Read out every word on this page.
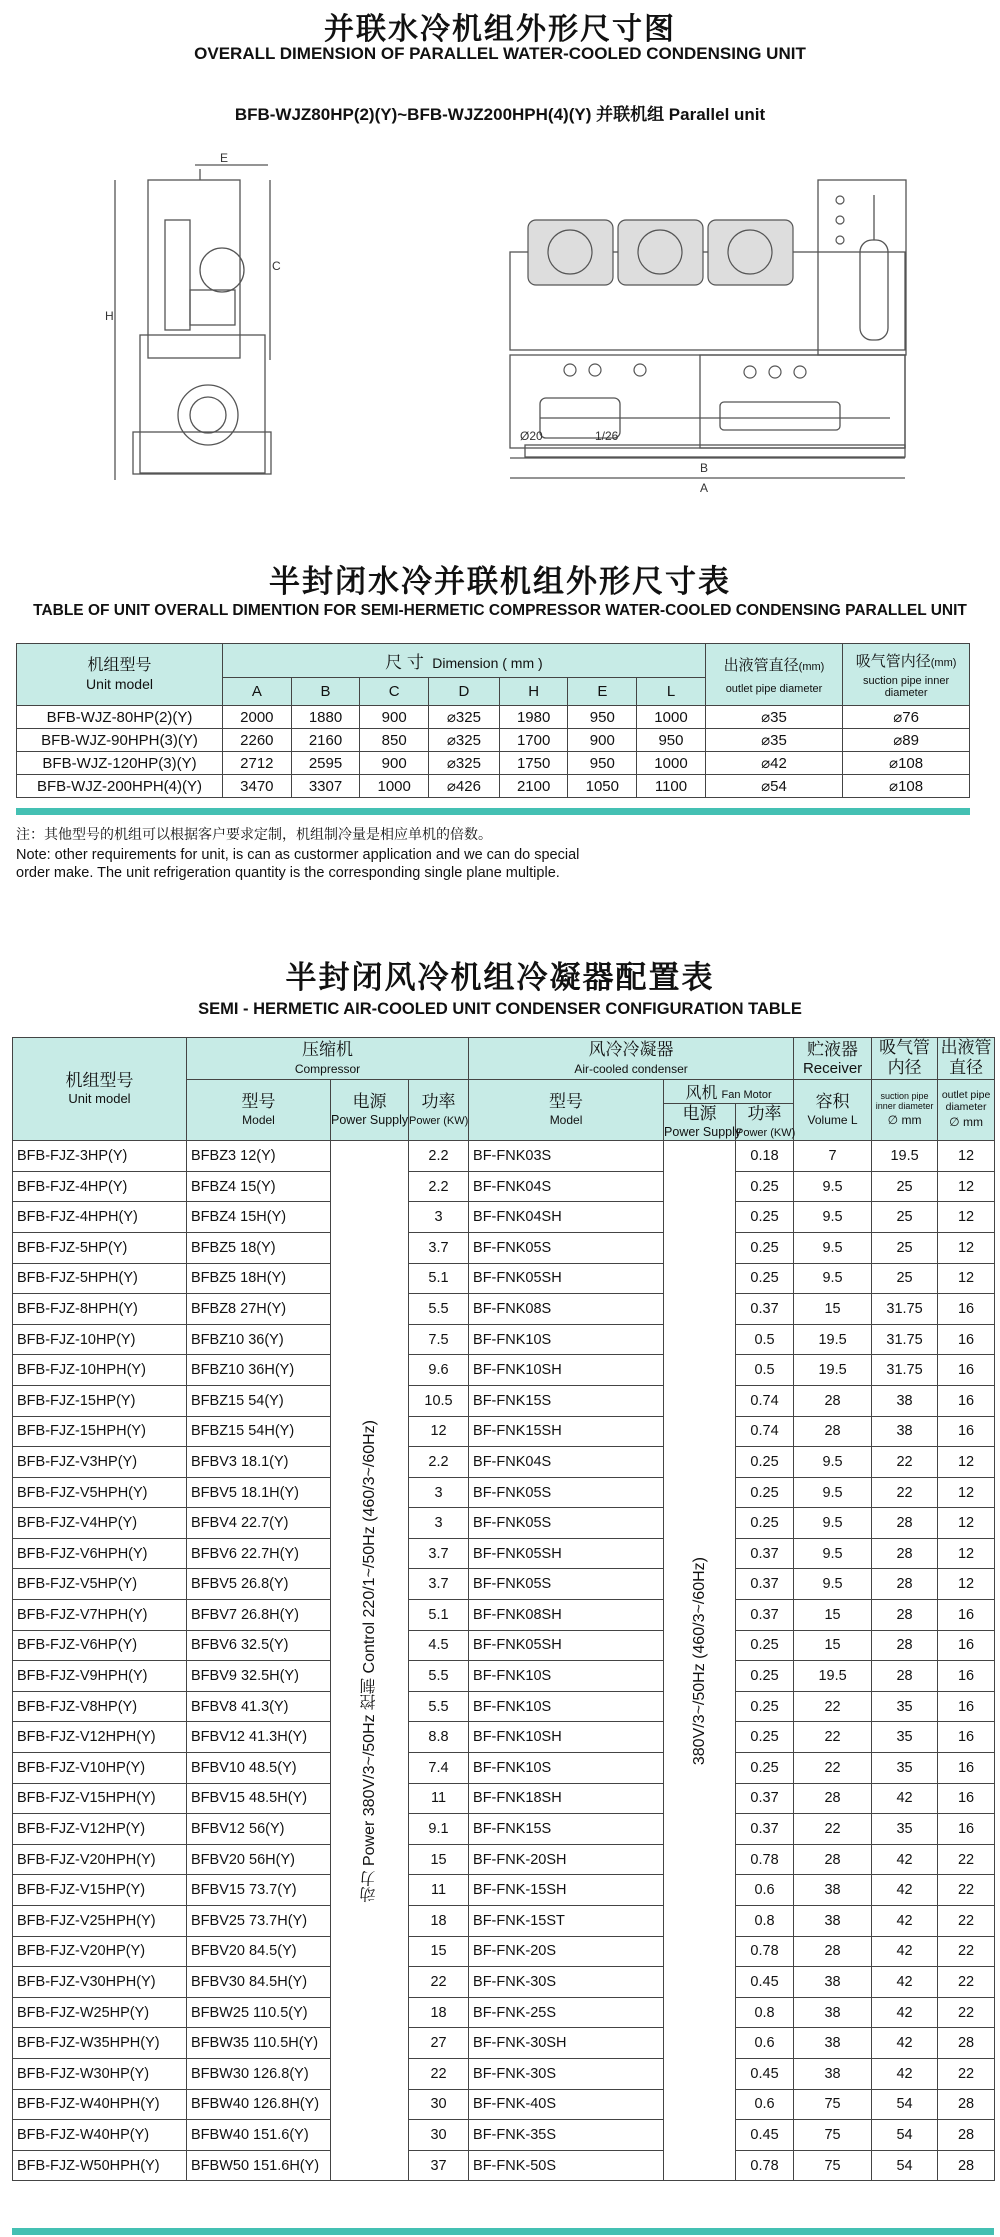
并联水冷机组外形尺寸图
OVERALL DIMENSION OF PARALLEL WATER-COOLED CONDENSING UNIT
BFB-WJZ80HP(2)(Y)~BFB-WJZ200HPH(4)(Y) 并联机组 Parallel unit
E
C
H
B
A
Ø20	1/26
半封闭水冷并联机组外形尺寸表
TABLE OF UNIT OVERALL DIMENTION FOR SEMI-HERMETIC COMPRESSOR WATER-COOLED CONDENSING PARALLEL UNIT
机组型号
Unit model	尺 寸 Dimension ( mm )							出液管直径(mm)
outlet pipe diameter	吸气管内径(mm)
suction pipe inner diameter

	A	B	C	D	H	E	L		
BFB-WJZ-80HP(2)(Y)	2000	1880	900	⌀325	1980	950	1000	⌀35	⌀76
BFB-WJZ-90HPH(3)(Y)	2260	2160	850	⌀325	1700	900	950	⌀35	⌀89
BFB-WJZ-120HP(3)(Y)	2712	2595	900	⌀325	1750	950	1000	⌀42	⌀108
BFB-WJZ-200HPH(4)(Y)	3470	3307	1000	⌀426	2100	1050	1100	⌀54	⌀108
注：其他型号的机组可以根据客户要求定制，机组制冷量是相应单机的倍数。
Note: other requirements for unit, is can as custormer application and we can do special
order make. The unit refrigeration quantity is the corresponding single plane multiple.
半封闭风冷机组冷凝器配置表
SEMI - HERMETIC AIR-COOLED UNIT CONDENSER CONFIGURATION TABLE
机组型号
Unit model	压缩机
Compressor			风冷冷凝器
Air-cooled condenser			贮液器
Receiver	吸气管
内径	出液管
直径

	型号
Model	电源
Power Supply	功率
Power (KW)	型号
Model	风机 Fan Motor		容积
Volume L	suction pipe inner diameter
∅ mm	outlet pipe diameter
∅ mm

					电源
Power Supply	功率
Power (KW)			
BFB-FJZ-3HP(Y)	BFBZ3 12(Y)	动力 Power 380V/3~/50Hz 控制 Control 220/1~/50Hz (460/3~/60Hz)	2.2	BF-FNK03S	380V/3~/50Hz (460/3~/60Hz)	0.18	7	19.5	12
BFB-FJZ-4HP(Y)	BFBZ4 15(Y)		2.2	BF-FNK04S		0.25	9.5	25	12
BFB-FJZ-4HPH(Y)	BFBZ4 15H(Y)		3	BF-FNK04SH		0.25	9.5	25	12
BFB-FJZ-5HP(Y)	BFBZ5 18(Y)		3.7	BF-FNK05S		0.25	9.5	25	12
BFB-FJZ-5HPH(Y)	BFBZ5 18H(Y)		5.1	BF-FNK05SH		0.25	9.5	25	12
BFB-FJZ-8HPH(Y)	BFBZ8 27H(Y)		5.5	BF-FNK08S		0.37	15	31.75	16
BFB-FJZ-10HP(Y)	BFBZ10 36(Y)		7.5	BF-FNK10S		0.5	19.5	31.75	16
BFB-FJZ-10HPH(Y)	BFBZ10 36H(Y)		9.6	BF-FNK10SH		0.5	19.5	31.75	16
BFB-FJZ-15HP(Y)	BFBZ15 54(Y)		10.5	BF-FNK15S		0.74	28	38	16
BFB-FJZ-15HPH(Y)	BFBZ15 54H(Y)		12	BF-FNK15SH		0.74	28	38	16
BFB-FJZ-V3HP(Y)	BFBV3 18.1(Y)		2.2	BF-FNK04S		0.25	9.5	22	12
BFB-FJZ-V5HPH(Y)	BFBV5 18.1H(Y)		3	BF-FNK05S		0.25	9.5	22	12
BFB-FJZ-V4HP(Y)	BFBV4 22.7(Y)		3	BF-FNK05S		0.25	9.5	28	12
BFB-FJZ-V6HPH(Y)	BFBV6 22.7H(Y)		3.7	BF-FNK05SH		0.37	9.5	28	12
BFB-FJZ-V5HP(Y)	BFBV5 26.8(Y)		3.7	BF-FNK05S		0.37	9.5	28	12
BFB-FJZ-V7HPH(Y)	BFBV7 26.8H(Y)		5.1	BF-FNK08SH		0.37	15	28	16
BFB-FJZ-V6HP(Y)	BFBV6 32.5(Y)		4.5	BF-FNK05SH		0.25	15	28	16
BFB-FJZ-V9HPH(Y)	BFBV9 32.5H(Y)		5.5	BF-FNK10S		0.25	19.5	28	16
BFB-FJZ-V8HP(Y)	BFBV8 41.3(Y)		5.5	BF-FNK10S		0.25	22	35	16
BFB-FJZ-V12HPH(Y)	BFBV12 41.3H(Y)		8.8	BF-FNK10SH		0.25	22	35	16
BFB-FJZ-V10HP(Y)	BFBV10 48.5(Y)		7.4	BF-FNK10S		0.25	22	35	16
BFB-FJZ-V15HPH(Y)	BFBV15 48.5H(Y)		11	BF-FNK18SH		0.37	28	42	16
BFB-FJZ-V12HP(Y)	BFBV12 56(Y)		9.1	BF-FNK15S		0.37	22	35	16
BFB-FJZ-V20HPH(Y)	BFBV20 56H(Y)		15	BF-FNK-20SH		0.78	28	42	22
BFB-FJZ-V15HP(Y)	BFBV15 73.7(Y)		11	BF-FNK-15SH		0.6	38	42	22
BFB-FJZ-V25HPH(Y)	BFBV25 73.7H(Y)		18	BF-FNK-15ST		0.8	38	42	22
BFB-FJZ-V20HP(Y)	BFBV20 84.5(Y)		15	BF-FNK-20S		0.78	28	42	22
BFB-FJZ-V30HPH(Y)	BFBV30 84.5H(Y)		22	BF-FNK-30S		0.45	38	42	22
BFB-FJZ-W25HP(Y)	BFBW25 110.5(Y)		18	BF-FNK-25S		0.8	38	42	22
BFB-FJZ-W35HPH(Y)	BFBW35 110.5H(Y)		27	BF-FNK-30SH		0.6	38	42	28
BFB-FJZ-W30HP(Y)	BFBW30 126.8(Y)		22	BF-FNK-30S		0.45	38	42	22
BFB-FJZ-W40HPH(Y)	BFBW40 126.8H(Y)		30	BF-FNK-40S		0.6	75	54	28
BFB-FJZ-W40HP(Y)	BFBW40 151.6(Y)		30	BF-FNK-35S		0.45	75	54	28
BFB-FJZ-W50HPH(Y)	BFBW50 151.6H(Y)		37	BF-FNK-50S		0.78	75	54	28
